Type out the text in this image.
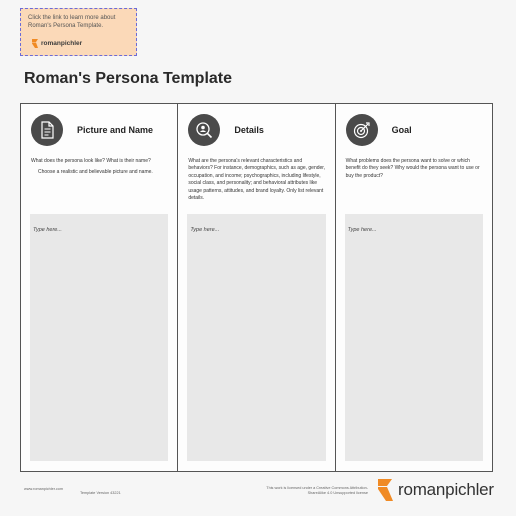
Click the link to learn more about Roman's Persona Template.
romanpichler
Roman's Persona Template
Picture and Name
What does the persona look like? What is their name?
Choose a realistic and believable picture and name.
Type here...
Details
What are the persona's relevant characteristics and behaviors? For instance, demographics, such as age, gender, occupation, and income; psychographics, including lifestyle, social class, and personality; and behavioral attributes like usage patterns, attitudes, and brand loyalty. Only list relevant details.
Type here...
Goal
What problems does the persona want to solve or which benefit do they seek? Why would the persona want to use or buy the product?
Type here...
www.romanpichler.com
Template Version 43221
This work is licensed under a Creative Commons Attribution-ShareAlike 4.0 Unsupported license romanpichler
